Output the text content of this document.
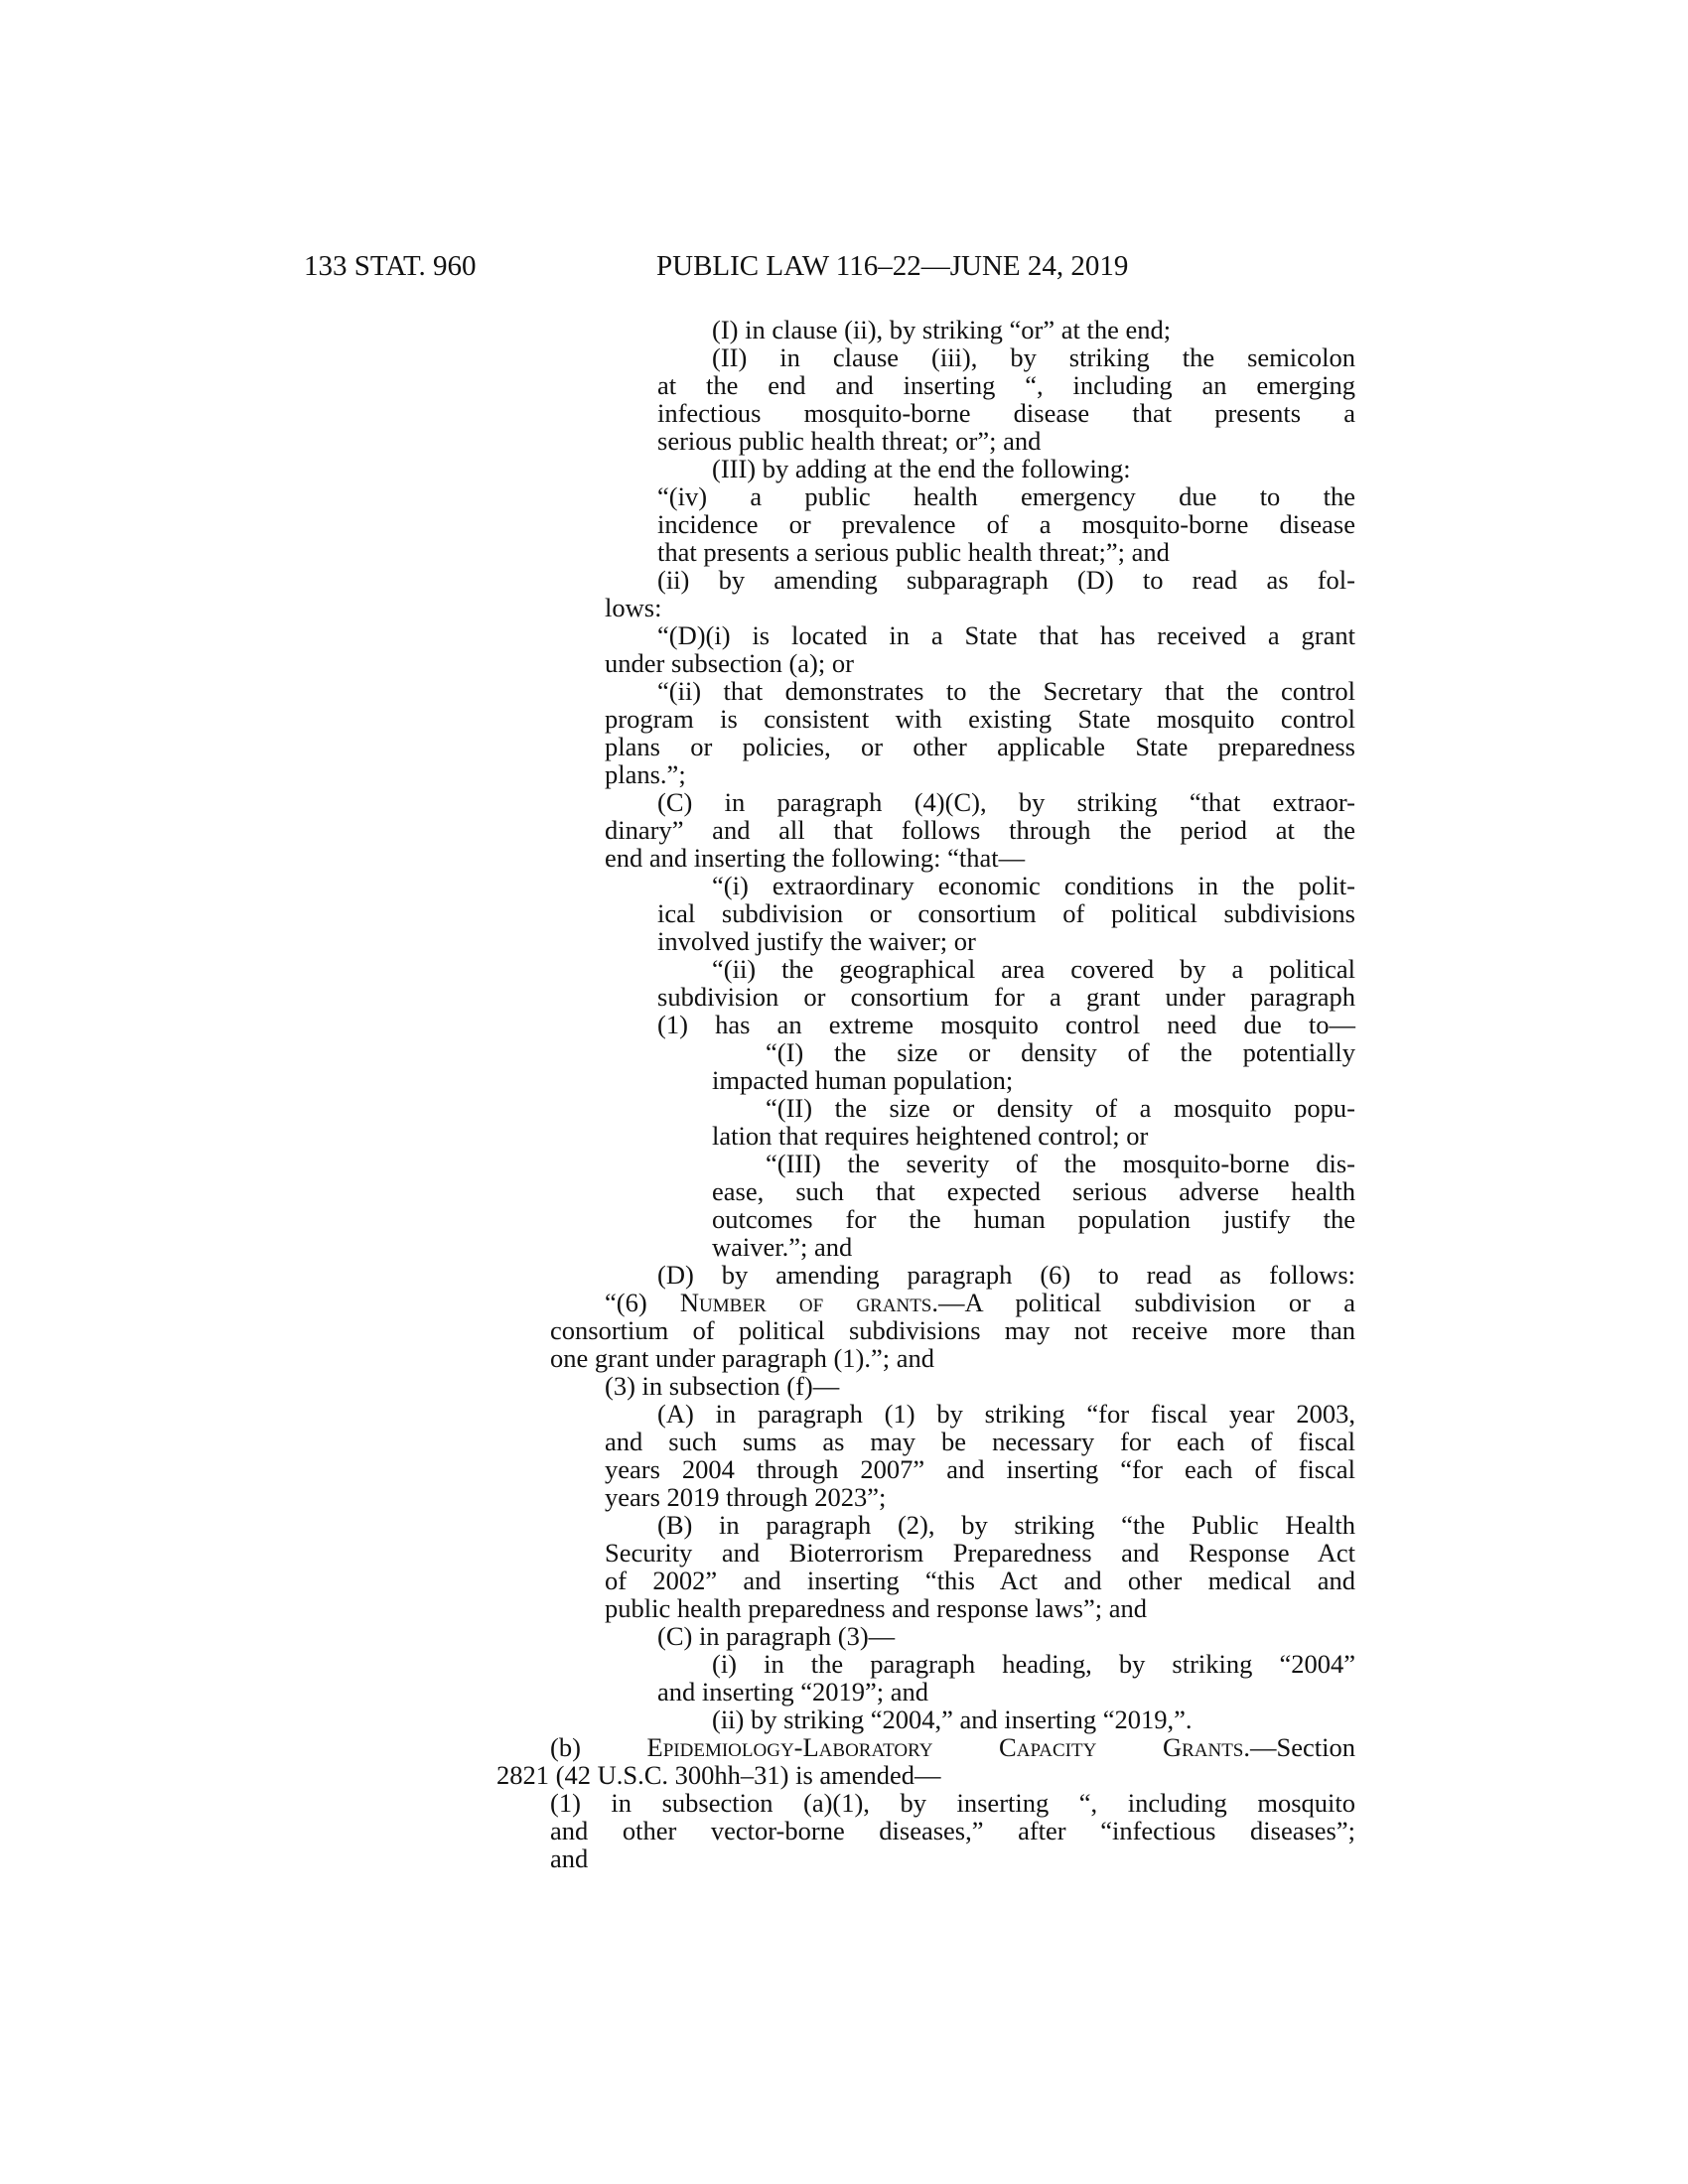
133 STAT. 960	PUBLIC LAW 116–22—JUNE 24, 2019
(I) in clause (ii), by striking “or” at the end;
(II) in clause (iii), by striking the semicolon
at the end and inserting “, including an emerging
infectious mosquito-borne disease that presents a
serious public health threat; or”; and
(III) by adding at the end the following:
“(iv) a public health emergency due to the
incidence or prevalence of a mosquito-borne disease
that presents a serious public health threat;”; and
(ii) by amending subparagraph (D) to read as fol-
lows:
“(D)(i) is located in a State that has received a grant
under subsection (a); or
“(ii) that demonstrates to the Secretary that the control
program is consistent with existing State mosquito control
plans or policies, or other applicable State preparedness
plans.”;
(C) in paragraph (4)(C), by striking “that extraor-
dinary” and all that follows through the period at the
end and inserting the following: “that—
“(i) extraordinary economic conditions in the polit-
ical subdivision or consortium of political subdivisions
involved justify the waiver; or
“(ii) the geographical area covered by a political
subdivision or consortium for a grant under paragraph
(1) has an extreme mosquito control need due to—
“(I) the size or density of the potentially
impacted human population;
“(II) the size or density of a mosquito popu-
lation that requires heightened control; or
“(III) the severity of the mosquito-borne dis-
ease, such that expected serious adverse health
outcomes for the human population justify the
waiver.”; and
(D) by amending paragraph (6) to read as follows:
“(6) Number of grants.—A political subdivision or a
consortium of political subdivisions may not receive more than
one grant under paragraph (1).”; and
(3) in subsection (f)—
(A) in paragraph (1) by striking “for fiscal year 2003,
and such sums as may be necessary for each of fiscal
years 2004 through 2007” and inserting “for each of fiscal
years 2019 through 2023”;
(B) in paragraph (2), by striking “the Public Health
Security and Bioterrorism Preparedness and Response Act
of 2002” and inserting “this Act and other medical and
public health preparedness and response laws”; and
(C) in paragraph (3)—
(i) in the paragraph heading, by striking “2004”
and inserting “2019”; and
(ii) by striking “2004,” and inserting “2019,”.
(b) Epidemiology-Laboratory Capacity Grants.—Section
2821 (42 U.S.C. 300hh–31) is amended—
(1) in subsection (a)(1), by inserting “, including mosquito
and other vector-borne diseases,” after “infectious diseases”;
and
